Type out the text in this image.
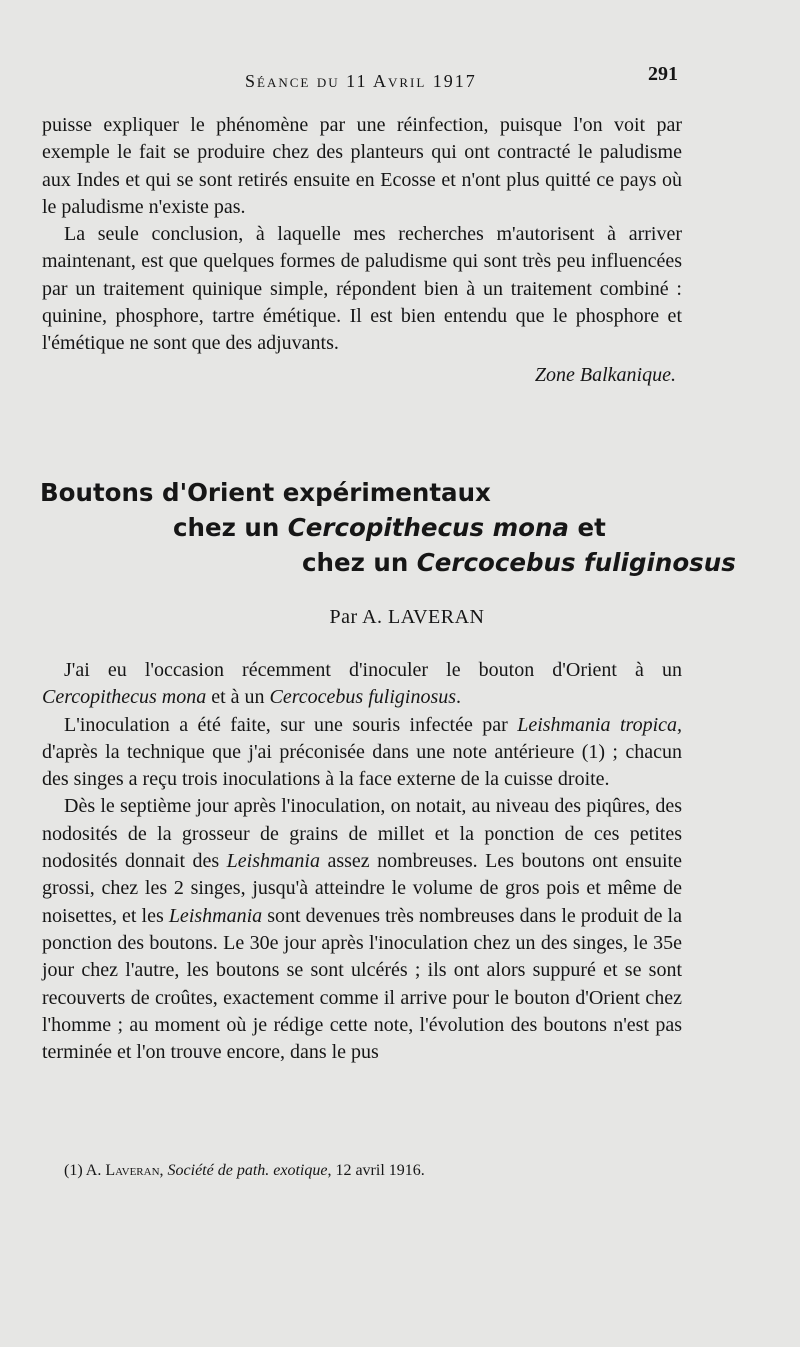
Séance du 11 Avril 1917	291

puisse expliquer le phénomène par une réinfection, puisque l'on voit par exemple le fait se produire chez des planteurs qui ont contracté le paludisme aux Indes et qui se sont retirés ensuite en Ecosse et n'ont plus quitté ce pays où le paludisme n'existe pas.

La seule conclusion, à laquelle mes recherches m'autorisent à arriver maintenant, est que quelques formes de paludisme qui sont très peu influencées par un traitement quinique simple, répondent bien à un traitement combiné : quinine, phosphore, tartre émétique. Il est bien entendu que le phosphore et l'émétique ne sont que des adjuvants.

Zone Balkanique.

Boutons d'Orient expérimentaux
chez un Cercopithecus mona et
chez un Cercocebus fuliginosus
Par A. LAVERAN

J'ai eu l'occasion récemment d'inoculer le bouton d'Orient à un Cercopithecus mona et à un Cercocebus fuliginosus.

L'inoculation a été faite, sur une souris infectée par Leishmania tropica, d'après la technique que j'ai préconisée dans une note antérieure (1) ; chacun des singes a reçu trois inoculations à la face externe de la cuisse droite.

Dès le septième jour après l'inoculation, on notait, au niveau des piqûres, des nodosités de la grosseur de grains de millet et la ponction de ces petites nodosités donnait des Leishmania assez nombreuses. Les boutons ont ensuite grossi, chez les 2 singes, jusqu'à atteindre le volume de gros pois et même de noisettes, et les Leishmania sont devenues très nombreuses dans le produit de la ponction des boutons. Le 30e jour après l'inoculation chez un des singes, le 35e jour chez l'autre, les boutons se sont ulcérés ; ils ont alors suppuré et se sont recouverts de croûtes, exactement comme il arrive pour le bouton d'Orient chez l'homme ; au moment où je rédige cette note, l'évolution des boutons n'est pas terminée et l'on trouve encore, dans le pus

(1) A. Laveran, Société de path. exotique, 12 avril 1916.
